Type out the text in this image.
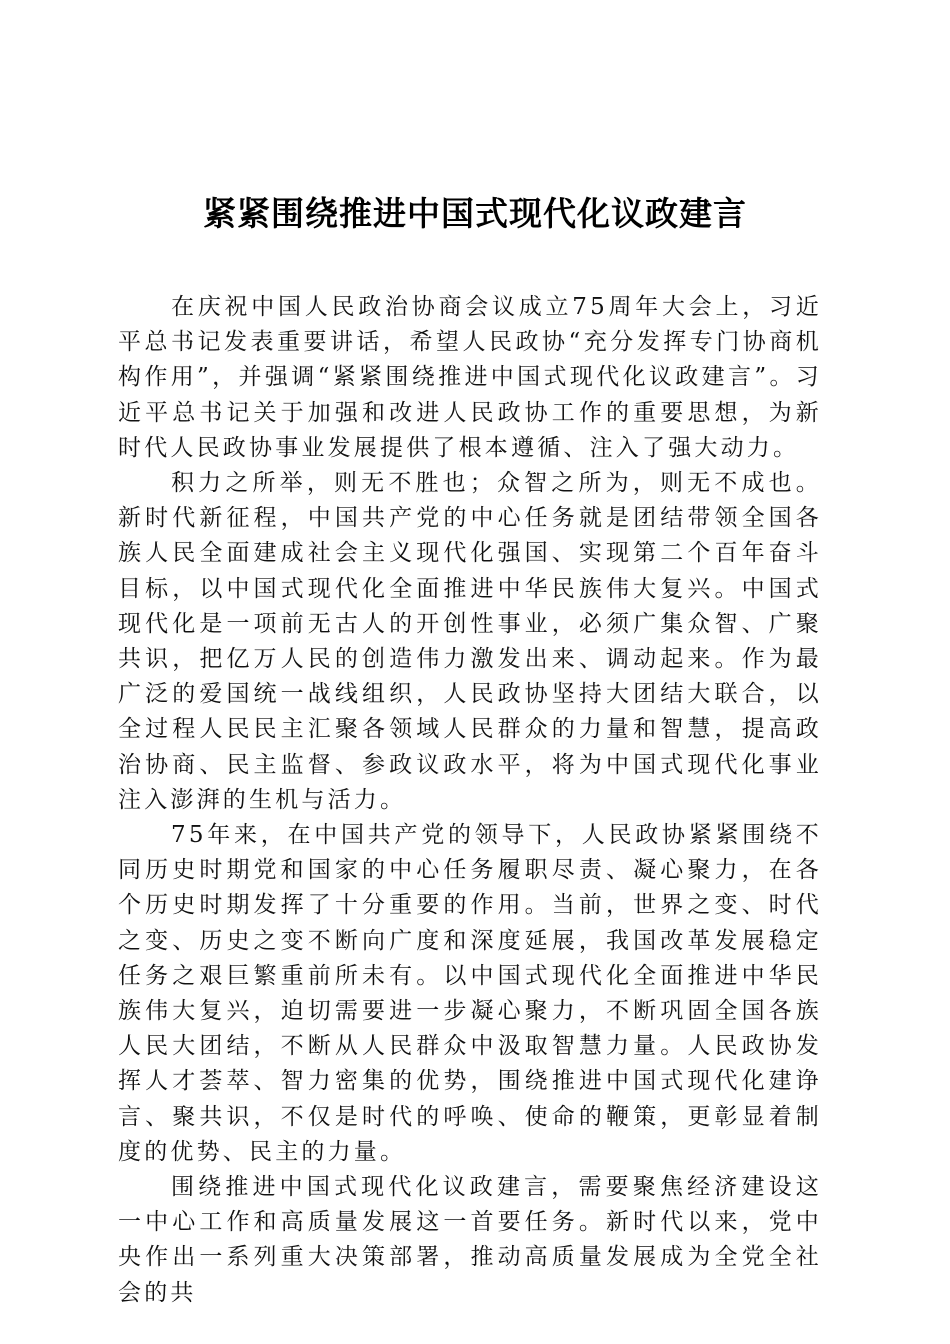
紧紧围绕推进中国式现代化议政建言

在庆祝中国人民政治协商会议成立75周年大会上，习近平总书记发表重要讲话，希望人民政协“充分发挥专门协商机构作用”，并强调“紧紧围绕推进中国式现代化议政建言”。习近平总书记关于加强和改进人民政协工作的重要思想，为新时代人民政协事业发展提供了根本遵循、注入了强大动力。

积力之所举，则无不胜也；众智之所为，则无不成也。新时代新征程，中国共产党的中心任务就是团结带领全国各族人民全面建成社会主义现代化强国、实现第二个百年奋斗目标，以中国式现代化全面推进中华民族伟大复兴。中国式现代化是一项前无古人的开创性事业，必须广集众智、广聚共识，把亿万人民的创造伟力激发出来、调动起来。作为最广泛的爱国统一战线组织，人民政协坚持大团结大联合，以全过程人民民主汇聚各领域人民群众的力量和智慧，提高政治协商、民主监督、参政议政水平，将为中国式现代化事业注入澎湃的生机与活力。

75年来，在中国共产党的领导下，人民政协紧紧围绕不同历史时期党和国家的中心任务履职尽责、凝心聚力，在各个历史时期发挥了十分重要的作用。当前，世界之变、时代之变、历史之变不断向广度和深度延展，我国改革发展稳定任务之艰巨繁重前所未有。以中国式现代化全面推进中华民族伟大复兴，迫切需要进一步凝心聚力，不断巩固全国各族人民大团结，不断从人民群众中汲取智慧力量。人民政协发挥人才荟萃、智力密集的优势，围绕推进中国式现代化建诤言、聚共识，不仅是时代的呼唤、使命的鞭策，更彰显着制度的优势、民主的力量。

围绕推进中国式现代化议政建言，需要聚焦经济建设这一中心工作和高质量发展这一首要任务。新时代以来，党中央作出一系列重大决策部署，推动高质量发展成为全党全社会的共
